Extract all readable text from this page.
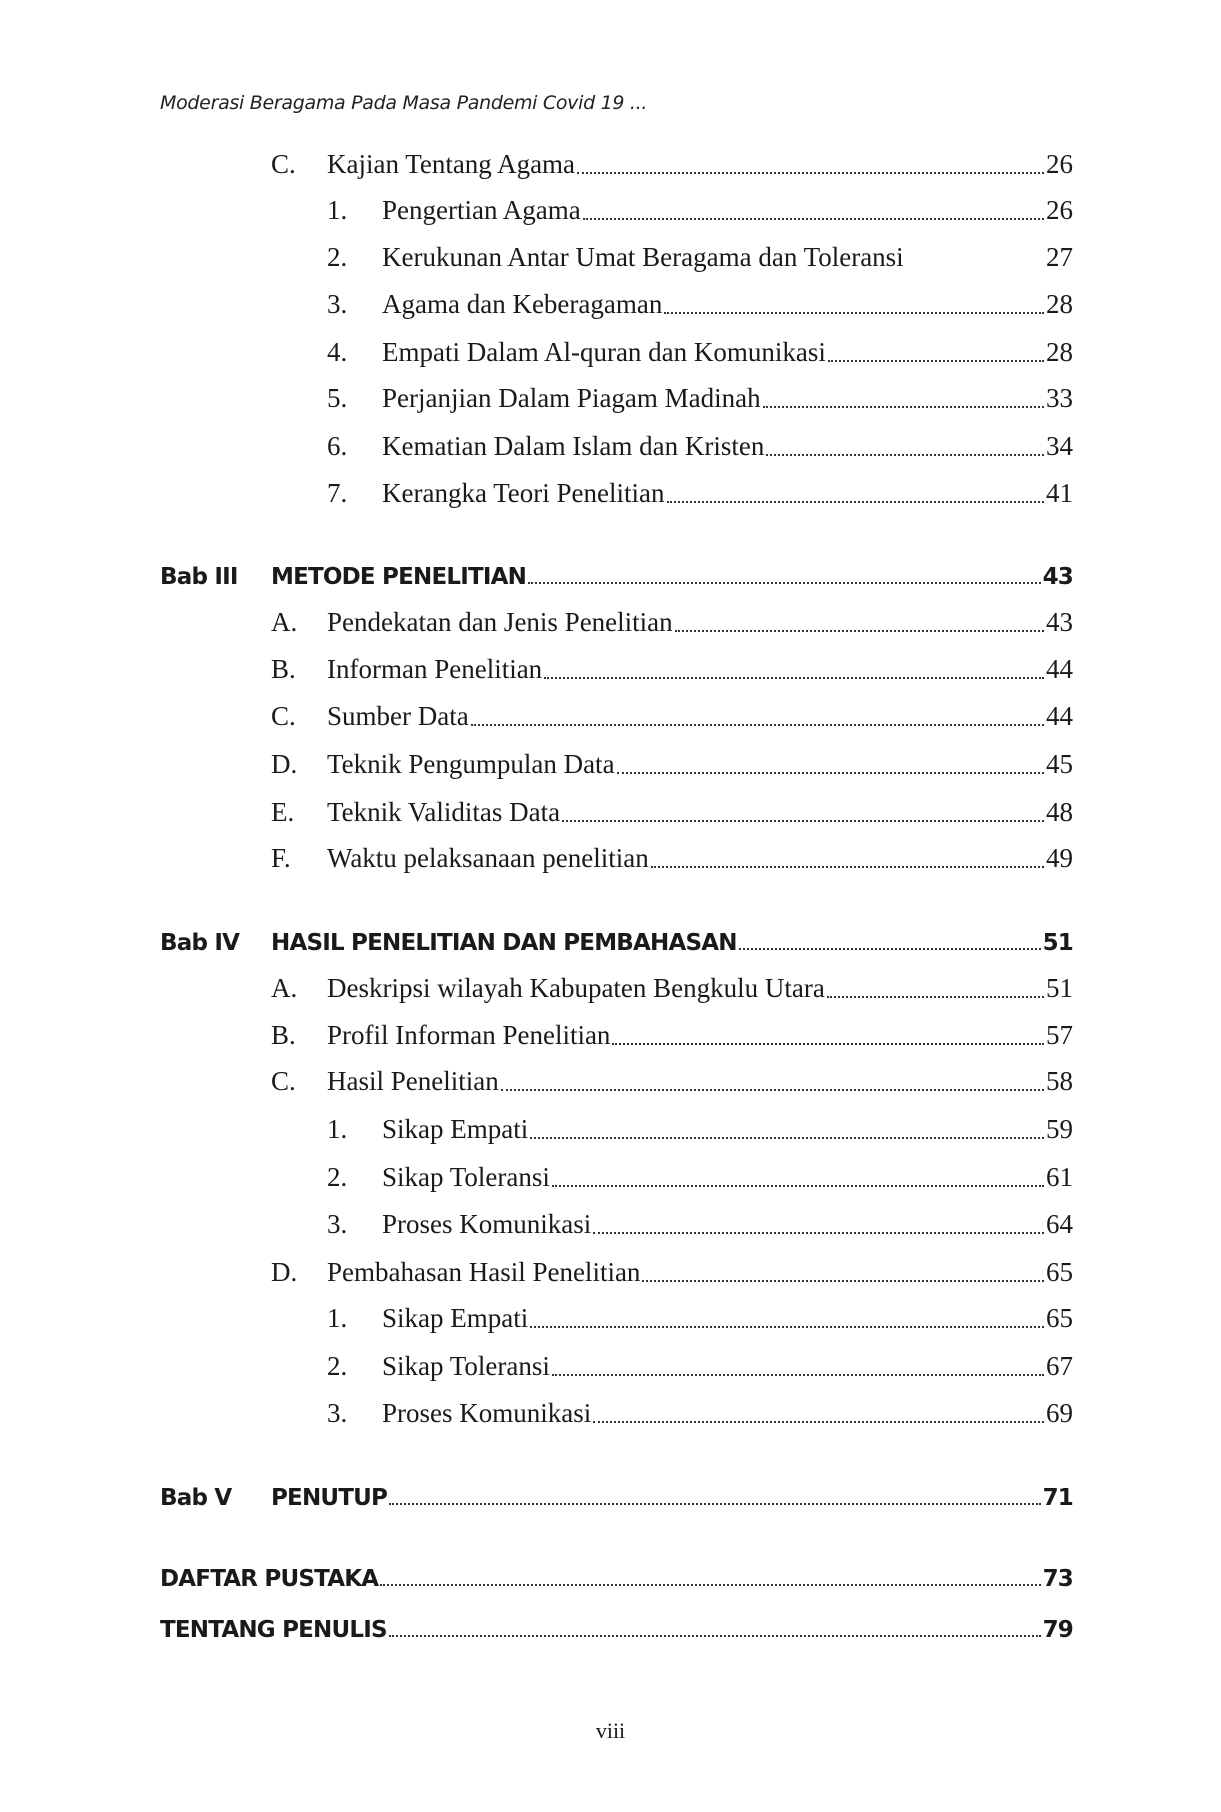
Moderasi Beragama Pada Masa Pandemi Covid 19 ...
C. Kajian Tentang Agama	26
1. Pengertian Agama	26
2. Kerukunan Antar Umat Beragama dan Toleransi	27
3. Agama dan Keberagaman	28
4. Empati Dalam Al-quran dan Komunikasi	28
5. Perjanjian Dalam Piagam Madinah	33
6. Kematian Dalam Islam dan Kristen	34
7. Kerangka Teori Penelitian	41
Bab III METODE PENELITIAN	43
A. Pendekatan dan Jenis Penelitian	43
B. Informan Penelitian	44
C. Sumber Data	44
D. Teknik Pengumpulan Data	45
E. Teknik Validitas Data	48
F. Waktu pelaksanaan penelitian	49
Bab IV HASIL PENELITIAN DAN PEMBAHASAN	51
A. Deskripsi wilayah Kabupaten Bengkulu Utara	51
B. Profil Informan Penelitian	57
C. Hasil Penelitian	58
1. Sikap Empati	59
2. Sikap Toleransi	61
3. Proses Komunikasi	64
D. Pembahasan Hasil Penelitian	65
1. Sikap Empati	65
2. Sikap Toleransi	67
3. Proses Komunikasi	69
Bab V PENUTUP	71
DAFTAR PUSTAKA	73
TENTANG PENULIS	79
viii
